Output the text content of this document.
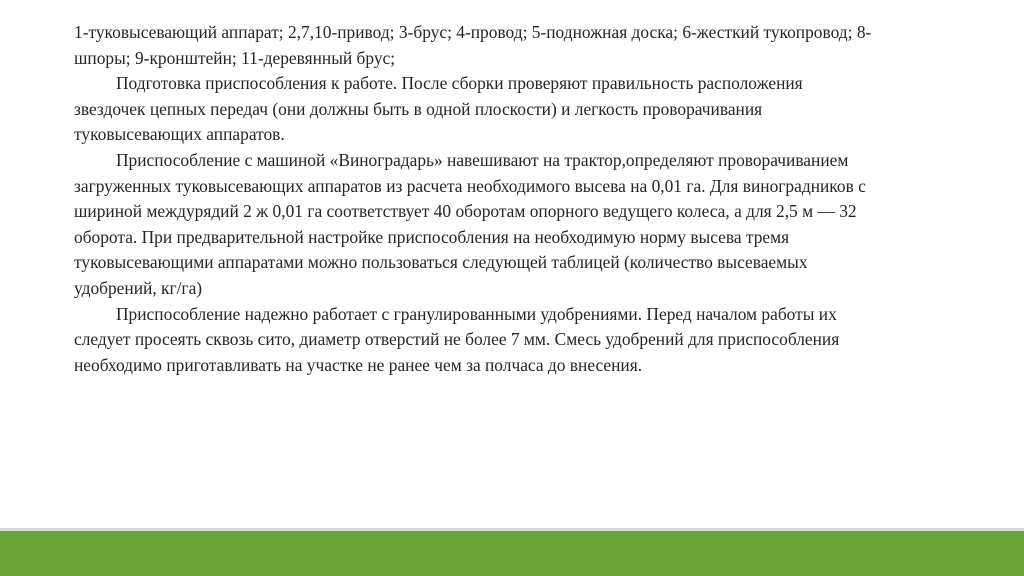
1-туковысевающий аппарат; 2,7,10-привод; 3-брус; 4-провод; 5-подножная доска; 6-жесткий тукопровод; 8-шпоры; 9-кронштейн; 11-деревянный брус;

Подготовка приспособления к работе. После сборки проверяют правильность расположения звездочек цепных передач (они должны быть в одной плоскости) и легкость проворачивания туковысевающих аппаратов.

Приспособление с машиной «Виноградарь» навешивают на трактор,определяют проворачиванием загруженных туковысевающих аппаратов из расчета необходимого высева на 0,01 га. Для виноградников с шириной междурядий 2 ж 0,01 га соответствует 40 оборотам опорного ведущего колеса, а для 2,5 м — 32 оборота. При предварительной настройке приспособления на необходимую норму высева тремя туковысевающими аппаратами можно пользоваться следующей таблицей (количество высеваемых удобрений, кг/га)

Приспособление надежно работает с гранулированными удобрениями. Перед началом работы их следует просеять сквозь сито, диаметр отверстий не более 7 мм. Смесь удобрений для приспособления необходимо приготавливать на участке не ранее чем за полчаса до внесения.
